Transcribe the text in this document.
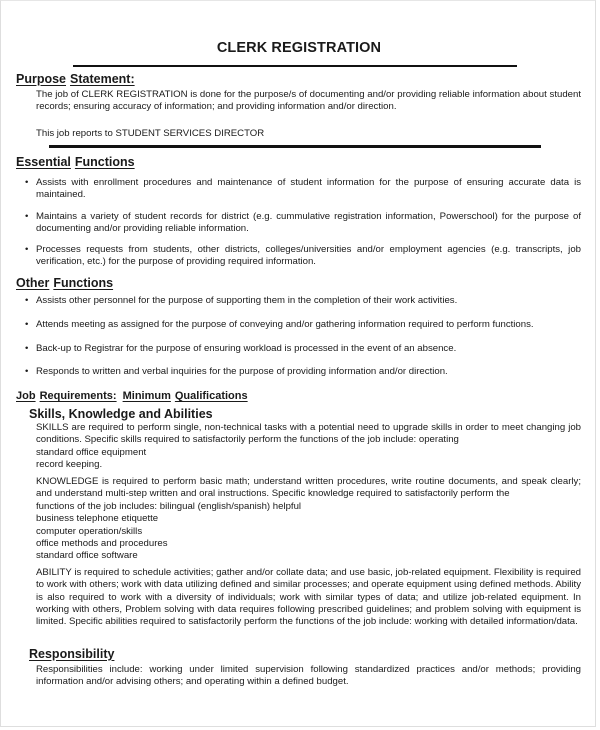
CLERK REGISTRATION
Purpose Statement:
The job of CLERK REGISTRATION is done for the purpose/s of documenting and/or providing reliable information about student records; ensuring accuracy of information; and providing information and/or direction.
This job reports to STUDENT SERVICES DIRECTOR
Essential Functions
• Assists with enrollment procedures and maintenance of student information for the purpose of ensuring accurate data is maintained.
• Maintains a variety of student records for district (e.g. cummulative registration information, Powerschool) for the purpose of documenting and/or providing reliable information.
• Processes requests from students, other districts, colleges/universities and/or employment agencies (e.g. transcripts, job verification, etc.) for the purpose of providing required information.
Other Functions
• Assists other personnel for the purpose of supporting them in the completion of their work activities.
• Attends meeting as assigned for the purpose of conveying and/or gathering information required to perform functions.
• Back-up to Registrar for the purpose of ensuring workload is processed in the event of an absence.
• Responds to written and verbal inquiries for the purpose of providing information and/or direction.
Job Requirements: Minimum Qualifications
Skills, Knowledge and Abilities
SKILLS are required to perform single, non-technical tasks with a potential need to upgrade skills in order to meet changing job conditions. Specific skills required to satisfactorily perform the functions of the job include: operating
standard office equipment
record keeping.
KNOWLEDGE is required to perform basic math; understand written procedures, write routine documents, and speak clearly; and understand multi-step written and oral instructions. Specific knowledge required to satisfactorily perform the
functions of the job includes: bilingual (english/spanish) helpful
business telephone etiquette
computer operation/skills
office methods and procedures
standard office software
ABILITY is required to schedule activities; gather and/or collate data; and use basic, job-related equipment. Flexibility is required to work with others; work with data utilizing defined and similar processes; and operate equipment using defined methods. Ability is also required to work with a diversity of individuals; work with similar types of data; and utilize job-related equipment. In working with others, Problem solving with data requires following prescribed guidelines; and problem solving with equipment is limited. Specific abilities required to satisfactorily perform the functions of the job include: working with detailed information/data.
Responsibility
Responsibilities include: working under limited supervision following standardized practices and/or methods; providing information and/or advising others; and operating within a defined budget.
